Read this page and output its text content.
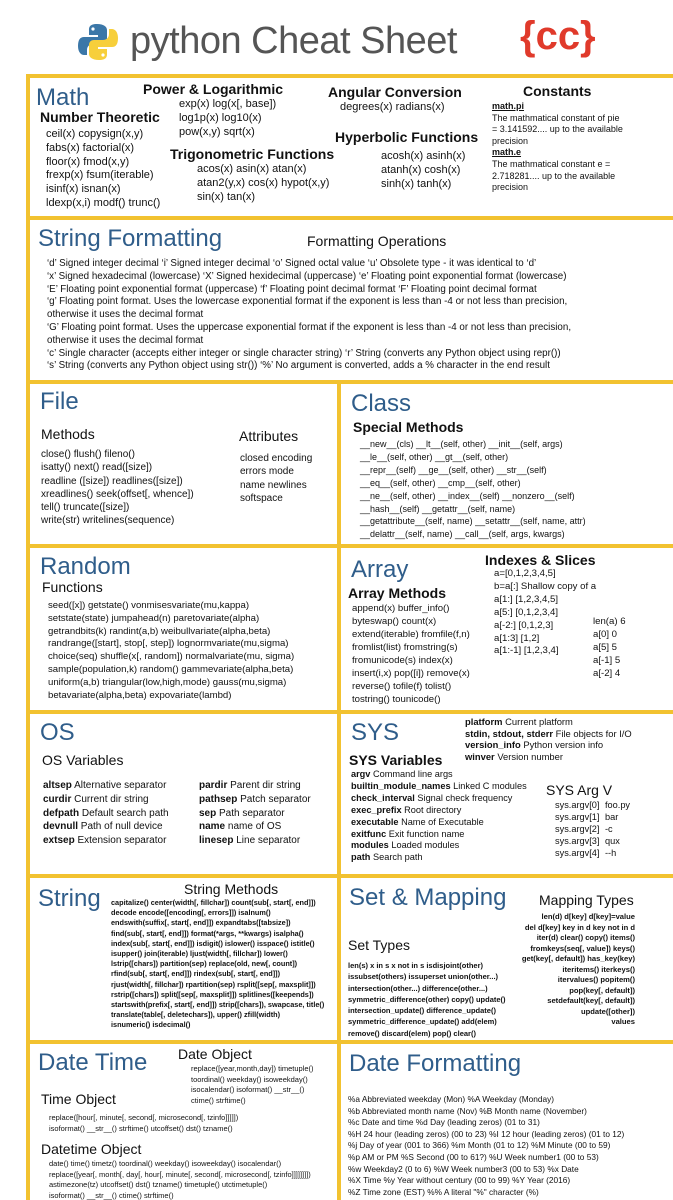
python Cheat Sheet {cc}
Math
Number Theoretic
ceil(x) copysign(x,y)
fabs(x) factorial(x)
floor(x) fmod(x,y)
frexp(x) fsum(iterable)
isinf(x) isnan(x)
ldexp(x,i) modf() trunc()
Power & Logarithmic
exp(x) log(x[, base])
log1p(x) log10(x)
pow(x,y) sqrt(x)
Trigonometric Functions
acos(x) asin(x) atan(x)
atan2(y,x) cos(x) hypot(x,y)
sin(x) tan(x)
Angular Conversion
degrees(x) radians(x)
Hyperbolic Functions
acosh(x) asinh(x)
atanh(x) cosh(x)
sinh(x) tanh(x)
Constants
math.pi
The mathmatical constant of pie
= 3.141592.... up to the available
precision
math.e
The mathmatical constant e =
2.718281.... up to the available
precision
String Formatting	Formatting Operations
‘d’ Signed integer decimal ‘i’ Signed integer decimal ‘o’ Signed octal value ‘u’ Obsolete type - it was identical to ‘d’
‘x’ Signed hexadecimal (lowercase) ‘X’ Signed hexidecimal (uppercase) ‘e’ Floating point exponential format (lowercase)
‘E’ Floating point exponential format (uppercase) ‘f’ Floating point decimal format ‘F’ Floating point decimal format
‘g’ Floating point format. Uses the lowercase exponential format if the exponent is less than -4 or not less than precision,
otherwise it uses the decimal format
‘G’ Floating point format. Uses the uppercase exponential format if the exponent is less than -4 or not less than precision,
otherwise it uses the decimal format
‘c’ Single character (accepts either integer or single character string) ‘r’ String (converts any Python object using repr())
‘s’ String (converts any Python object using str()) ‘%’ No argument is converted, adds a % character in the end result
File
Methods
close() flush() fileno()
isatty() next() read([size])
readline ([size]) readlines([size])
xreadlines() seek(offset[, whence])
tell() truncate([size])
write(str) writelines(sequence)
Attributes
closed encoding
errors mode
name newlines
softspace
Class
Special Methods
__new__(cls) __lt__(self, other) __init__(self, args)
__le__(self, other) __gt__(self, other)
__repr__(self) __ge__(self, other) __str__(self)
__eq__(self, other) __cmp__(self, other)
__ne__(self, other) __index__(self) __nonzero__(self)
__hash__(self) __getattr__(self, name)
__getattribute__(self, name) __setattr__(self, name, attr)
__delattr__(self, name) __call__(self, args, kwargs)
Random
Functions
seed([x]) getstate() vonmisesvariate(mu,kappa)
setstate(state) jumpahead(n) paretovariate(alpha)
getrandbits(k) randint(a,b) weibullvariate(alpha,beta)
randrange([start], stop[, step]) lognormvariate(mu,sigma)
choice(seq) shuffle(x[, random]) normalvariate(mu, sigma)
sample(population,k) random() gammevariate(alpha,beta)
uniform(a,b) triangular(low,high,mode) gauss(mu,sigma)
betavariate(alpha,beta) expovariate(lambd)
Array
Array Methods
append(x) buffer_info()
byteswap() count(x)
extend(iterable) fromfile(f,n)
fromlist(list) fromstring(s)
fromunicode(s) index(x)
insert(i,x) pop([i]) remove(x)
reverse() tofile(f) tolist()
tostring() tounicode()
Indexes & Slices
a=[0,1,2,3,4,5]
b=a[:] Shallow copy of a
a[1:] [1,2,3,4,5]
a[5:] [0,1,2,3,4]
a[-2:] [0,1,2,3]
a[1:3] [1,2]
a[1:-1] [1,2,3,4]
len(a) 6
a[0] 0
a[5] 5
a[-1] 5
a[-2] 4
OS
OS Variables
altsep Alternative separator
curdir Current dir string
defpath Default search path
devnull Path of null device
extsep Extension separator
pardir Parent dir string
pathsep Patch separator
sep Path separator
name name of OS
linesep Line separator
SYS	platform Current platform
stdin, stdout, stderr File objects for I/O
version_info Python version info
winver Version number
SYS Variables
argv Command line args
builtin_module_names Linked C modules
check_interval Signal check frequency
exec_prefix Root directory
executable Name of Executable
exitfunc Exit function name
modules Loaded modules
path Search path
SYS Arg V
sys.argv[0] foo.py
sys.argv[1] bar
sys.argv[2] -c
sys.argv[3] qux
sys.argv[4] --h
String	String Methods
capitalize() center(width[, fillchar]) count(sub[, start[, end]])
decode encode([encoding[, errors]]) isalnum()
endswith(suffix[, start[, end]]) expandtabs([tabsize])
find(sub[, start[, end]]) format(*args, **kwargs) isalpha()
index(sub[, start[, end]]) isdigit() islower() isspace() istitle()
isupper() join(iterable) ljust(width[, fillchar]) lower()
lstrip([chars]) partition(sep) replace(old, new[, count])
rfind(sub[, start[, end]]) rindex(sub[, start[, end]])
rjust(width[, fillchar]) rpartition(sep) rsplit([sep[, maxsplit]])
rstrip([chars]) split([sep[, maxsplit]]) splitlines([keepends])
startswith(prefix[, start[, end]]) strip([chars]), swapcase, title()
translate(table[, deletechars]), upper() zfill(width)
isnumeric() isdecimal()
Set & Mapping Mapping Types
len(d) d[key] d[key]=value
del d[key] key in d key not in d
iter(d) clear() copy() items()
fromkeys(seq[, value]) keys()
get(key[, default]) has_key(key)
iteritems() iterkeys()
itervalues() popitem()
pop(key[, default])
setdefault(key[, default])
update([other])
values
Set Types
len(s) x in s x not in s isdisjoint(other)
issubset(others) issuperset union(other...)
intersection(other...) difference(other...)
symmetric_difference(other) copy() update()
intersection_update() difference_update()
symmetric_difference_update() add(elem)
remove() discard(elem) pop() clear()
Date Time Date Object
replace([year,month,day]) timetuple()
toordinal() weekday() isoweekday()
isocalendar() isoformat() __str__()
ctime() strftime()
Time Object
replace([hour[, minute[, second[, microsecond[, tzinfo]]]]])
isoformat() __str__() strftime() utcoffset() dst() tzname()
Datetime Object
date() time() timetz() toordinal() weekday() isoweekday() isocalendar()
replace([year[, month[, day[, hour[, minute[, second[, microsecond[, tzinfo]]]]]]]])
astimezone(tz) utcoffset() dst() tzname() timetuple() utctimetuple()
isoformat() __str__() ctime() strftime()
Date Formatting
%a Abbreviated weekday (Mon) %A Weekday (Monday)
%b Abbreviated month name (Nov) %B Month name (November)
%c Date and time %d Day (leading zeros) (01 to 31)
%H 24 hour (leading zeros) (00 to 23) %I 12 hour (leading zeros) (01 to 12)
%j Day of year (001 to 366) %m Month (01 to 12) %M Minute (00 to 59)
%p AM or PM %S Second (00 to 61?) %U Week number1 (00 to 53)
%w Weekday2 (0 to 6) %W Week number3 (00 to 53) %x Date
%X Time %y Year without century (00 to 99) %Y Year (2016)
%Z Time zone (EST) %% A literal "%" character (%)
